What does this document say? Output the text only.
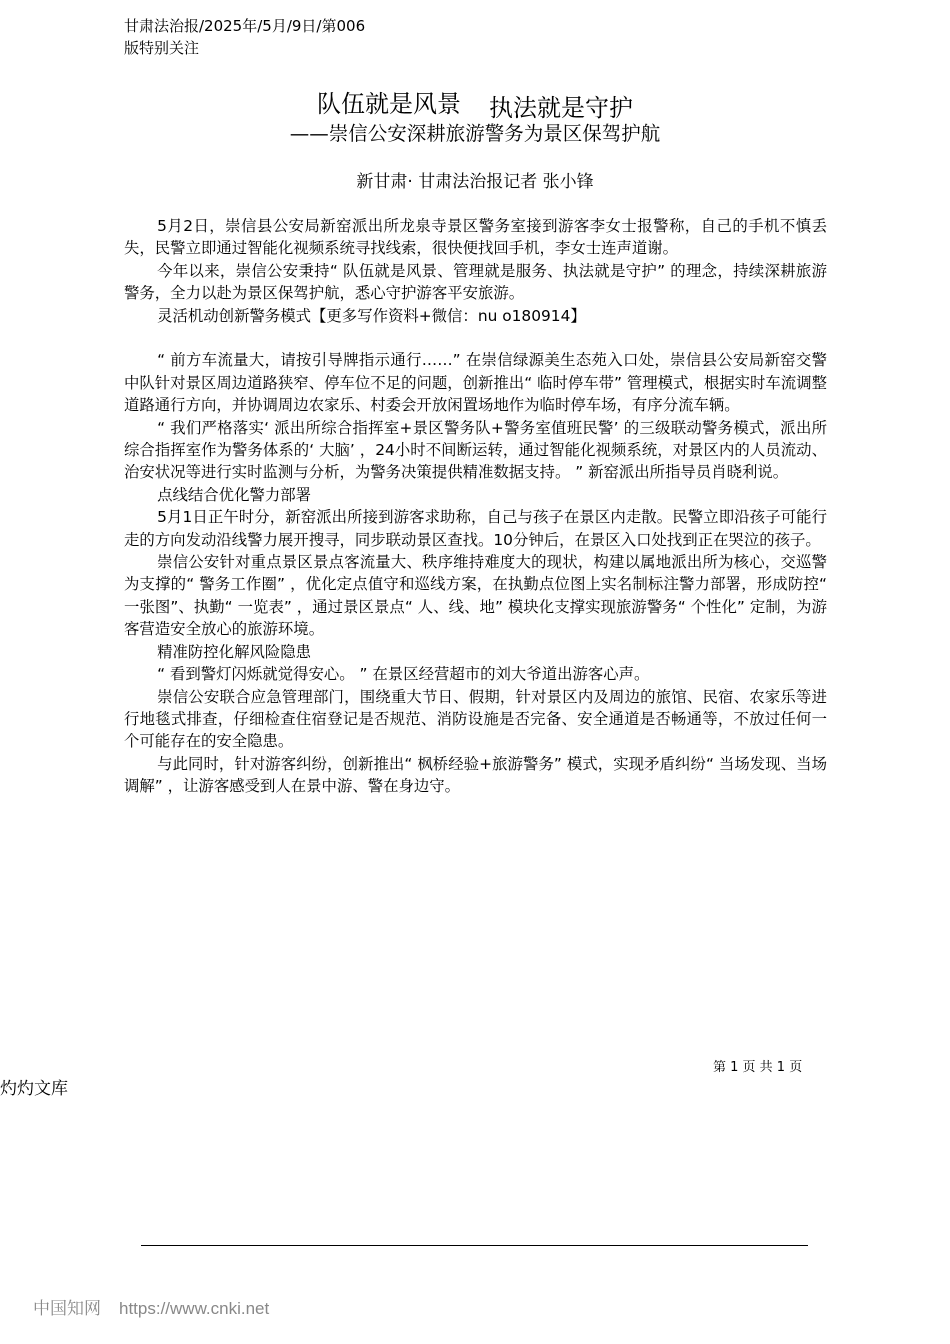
甘肃法治报/2025年/5月/9日/第006
版特别关注
队伍就是风景 执法就是守护
——崇信公安深耕旅游警务为景区保驾护航
新甘肃· 甘肃法治报记者 张小锋

5月2日，崇信县公安局新窑派出所龙泉寺景区警务室接到游客李女士报警称，自己的手机不慎丢失，民警立即通过智能化视频系统寻找线索，很快便找回手机，李女士连声道谢。

今年以来，崇信公安秉持“ 队伍就是风景、管理就是服务、执法就是守护” 的理念，持续深耕旅游警务，全力以赴为景区保驾护航，悉心守护游客平安旅游。

灵活机动创新警务模式【更多写作资料+微信：nu o180914】

“ 前方车流量大，请按引导牌指示通行……” 在崇信绿源美生态苑入口处，崇信县公安局新窑交警中队针对景区周边道路狭窄、停车位不足的问题，创新推出“ 临时停车带” 管理模式，根据实时车流调整道路通行方向，并协调周边农家乐、村委会开放闲置场地作为临时停车场，有序分流车辆。

“ 我们严格落实‘ 派出所综合指挥室+景区警务队+警务室值班民警’ 的三级联动警务模式，派出所综合指挥室作为警务体系的‘ 大脑’ ，24小时不间断运转，通过智能化视频系统，对景区内的人员流动、治安状况等进行实时监测与分析，为警务决策提供精准数据支持。 ” 新窑派出所指导员肖晓利说。

点线结合优化警力部署

5月1日正午时分，新窑派出所接到游客求助称，自己与孩子在景区内走散。民警立即沿孩子可能行走的方向发动沿线警力展开搜寻，同步联动景区查找。10分钟后，在景区入口处找到正在哭泣的孩子。

崇信公安针对重点景区景点客流量大、秩序维持难度大的现状，构建以属地派出所为核心，交巡警为支撑的“ 警务工作圈” ，优化定点值守和巡线方案，在执勤点位图上实名制标注警力部署，形成防控“ 一张图”、执勤“ 一览表” ，通过景区景点“ 人、线、地” 模块化支撑实现旅游警务“ 个性化” 定制，为游客营造安全放心的旅游环境。

精准防控化解风险隐患

“ 看到警灯闪烁就觉得安心。 ” 在景区经营超市的刘大爷道出游客心声。

崇信公安联合应急管理部门，围绕重大节日、假期，针对景区内及周边的旅馆、民宿、农家乐等进行地毯式排查，仔细检查住宿登记是否规范、消防设施是否完备、安全通道是否畅通等，不放过任何一个可能存在的安全隐患。

与此同时，针对游客纠纷，创新推出“ 枫桥经验+旅游警务” 模式，实现矛盾纠纷“ 当场发现、当场调解” ，让游客感受到人在景中游、警在身边守。

第 1 页 共 1 页
灼灼文库
中国知网 https://www.cnki.net
